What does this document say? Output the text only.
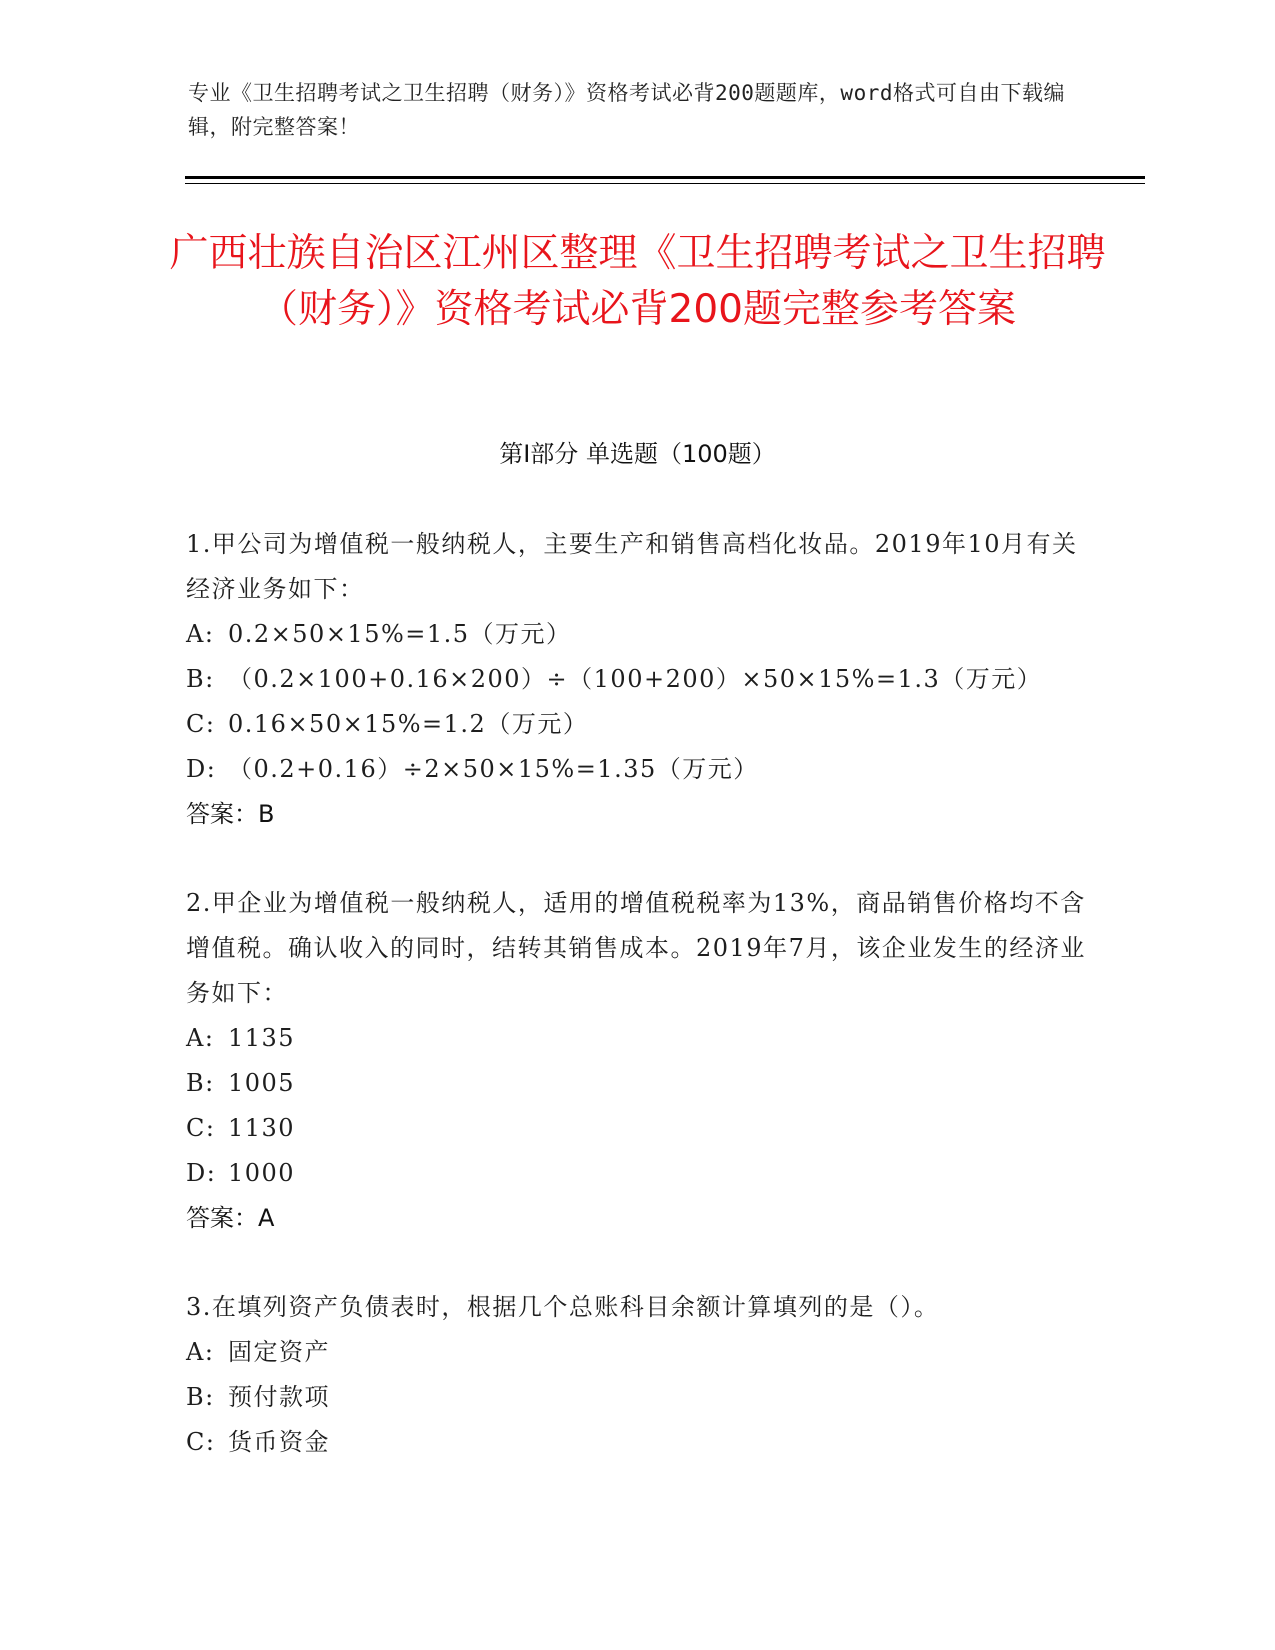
专业《卫生招聘考试之卫生招聘（财务）》资格考试必背200题题库，word格式可自由下载编辑，附完整答案！
广西壮族自治区江州区整理《卫生招聘考试之卫生招聘（财务）》资格考试必背200题完整参考答案
第Ⅰ部分 单选题（100题）
1.甲公司为增值税一般纳税人，主要生产和销售高档化妆品。2019年10月有关经济业务如下：
A: 0.2×50×15%=1.5（万元）
B: （0.2×100+0.16×200）÷（100+200）×50×15%=1.3（万元）
C: 0.16×50×15%=1.2（万元）
D: （0.2+0.16）÷2×50×15%=1.35（万元）
答案：B
2.甲企业为增值税一般纳税人，适用的增值税税率为13%，商品销售价格均不含增值税。确认收入的同时，结转其销售成本。2019年7月，该企业发生的经济业务如下：
A: 1135
B: 1005
C: 1130
D: 1000
答案：A
3.在填列资产负债表时，根据几个总账科目余额计算填列的是（）。
A: 固定资产
B: 预付款项
C: 货币资金
